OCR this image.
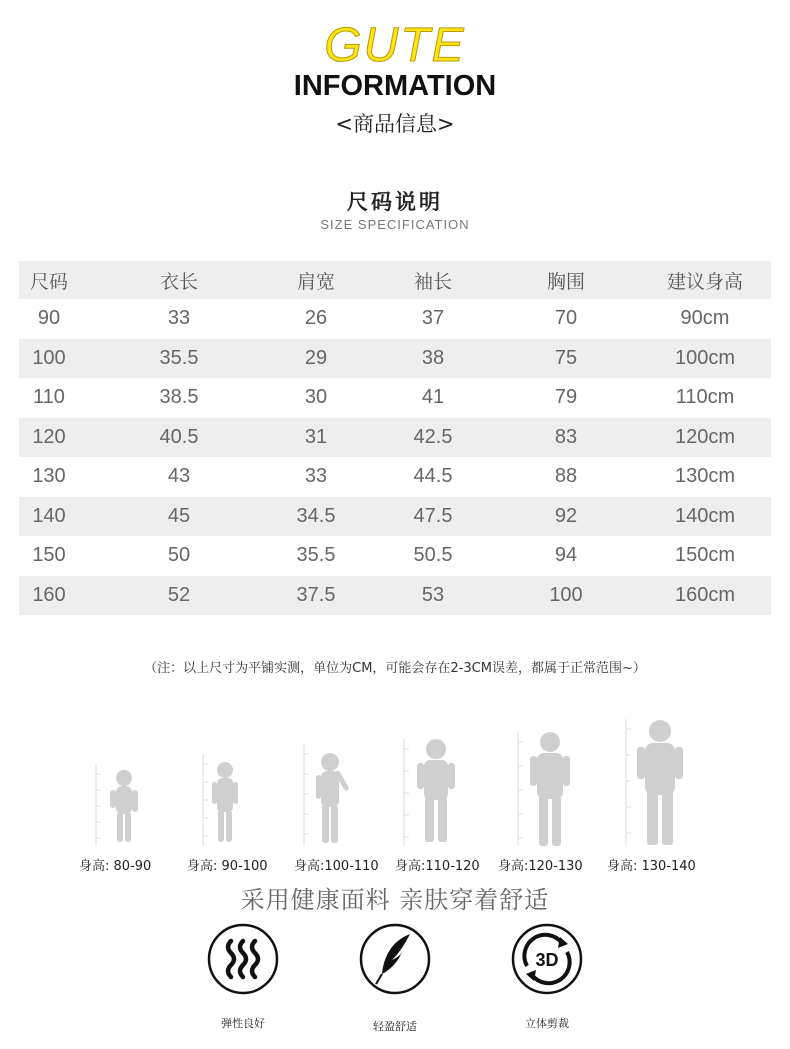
GUTE
INFORMATION
<商品信息>
尺码说明
SIZE SPECIFICATION
尺码	衣长	肩宽	袖长	胸围	建议身高
90	33	26	37	70	90cm
100	35.5	29	38	75	100cm
110	38.5	30	41	79	110cm
120	40.5	31	42.5	83	120cm
130	43	33	44.5	88	130cm
140	45	34.5	47.5	92	140cm
150	50	35.5	50.5	94	150cm
160	52	37.5	53	100	160cm
（注：以上尺寸为平铺实测，单位为CM，可能会存在2-3CM误差，都属于正常范围~）
身高: 80-90	身高: 90-100 身高:100-110 身高:110-120 身高:120-130 身高: 130-140
采用健康面料 亲肤穿着舒适
3D
弹性良好	轻盈舒适	立体剪裁
